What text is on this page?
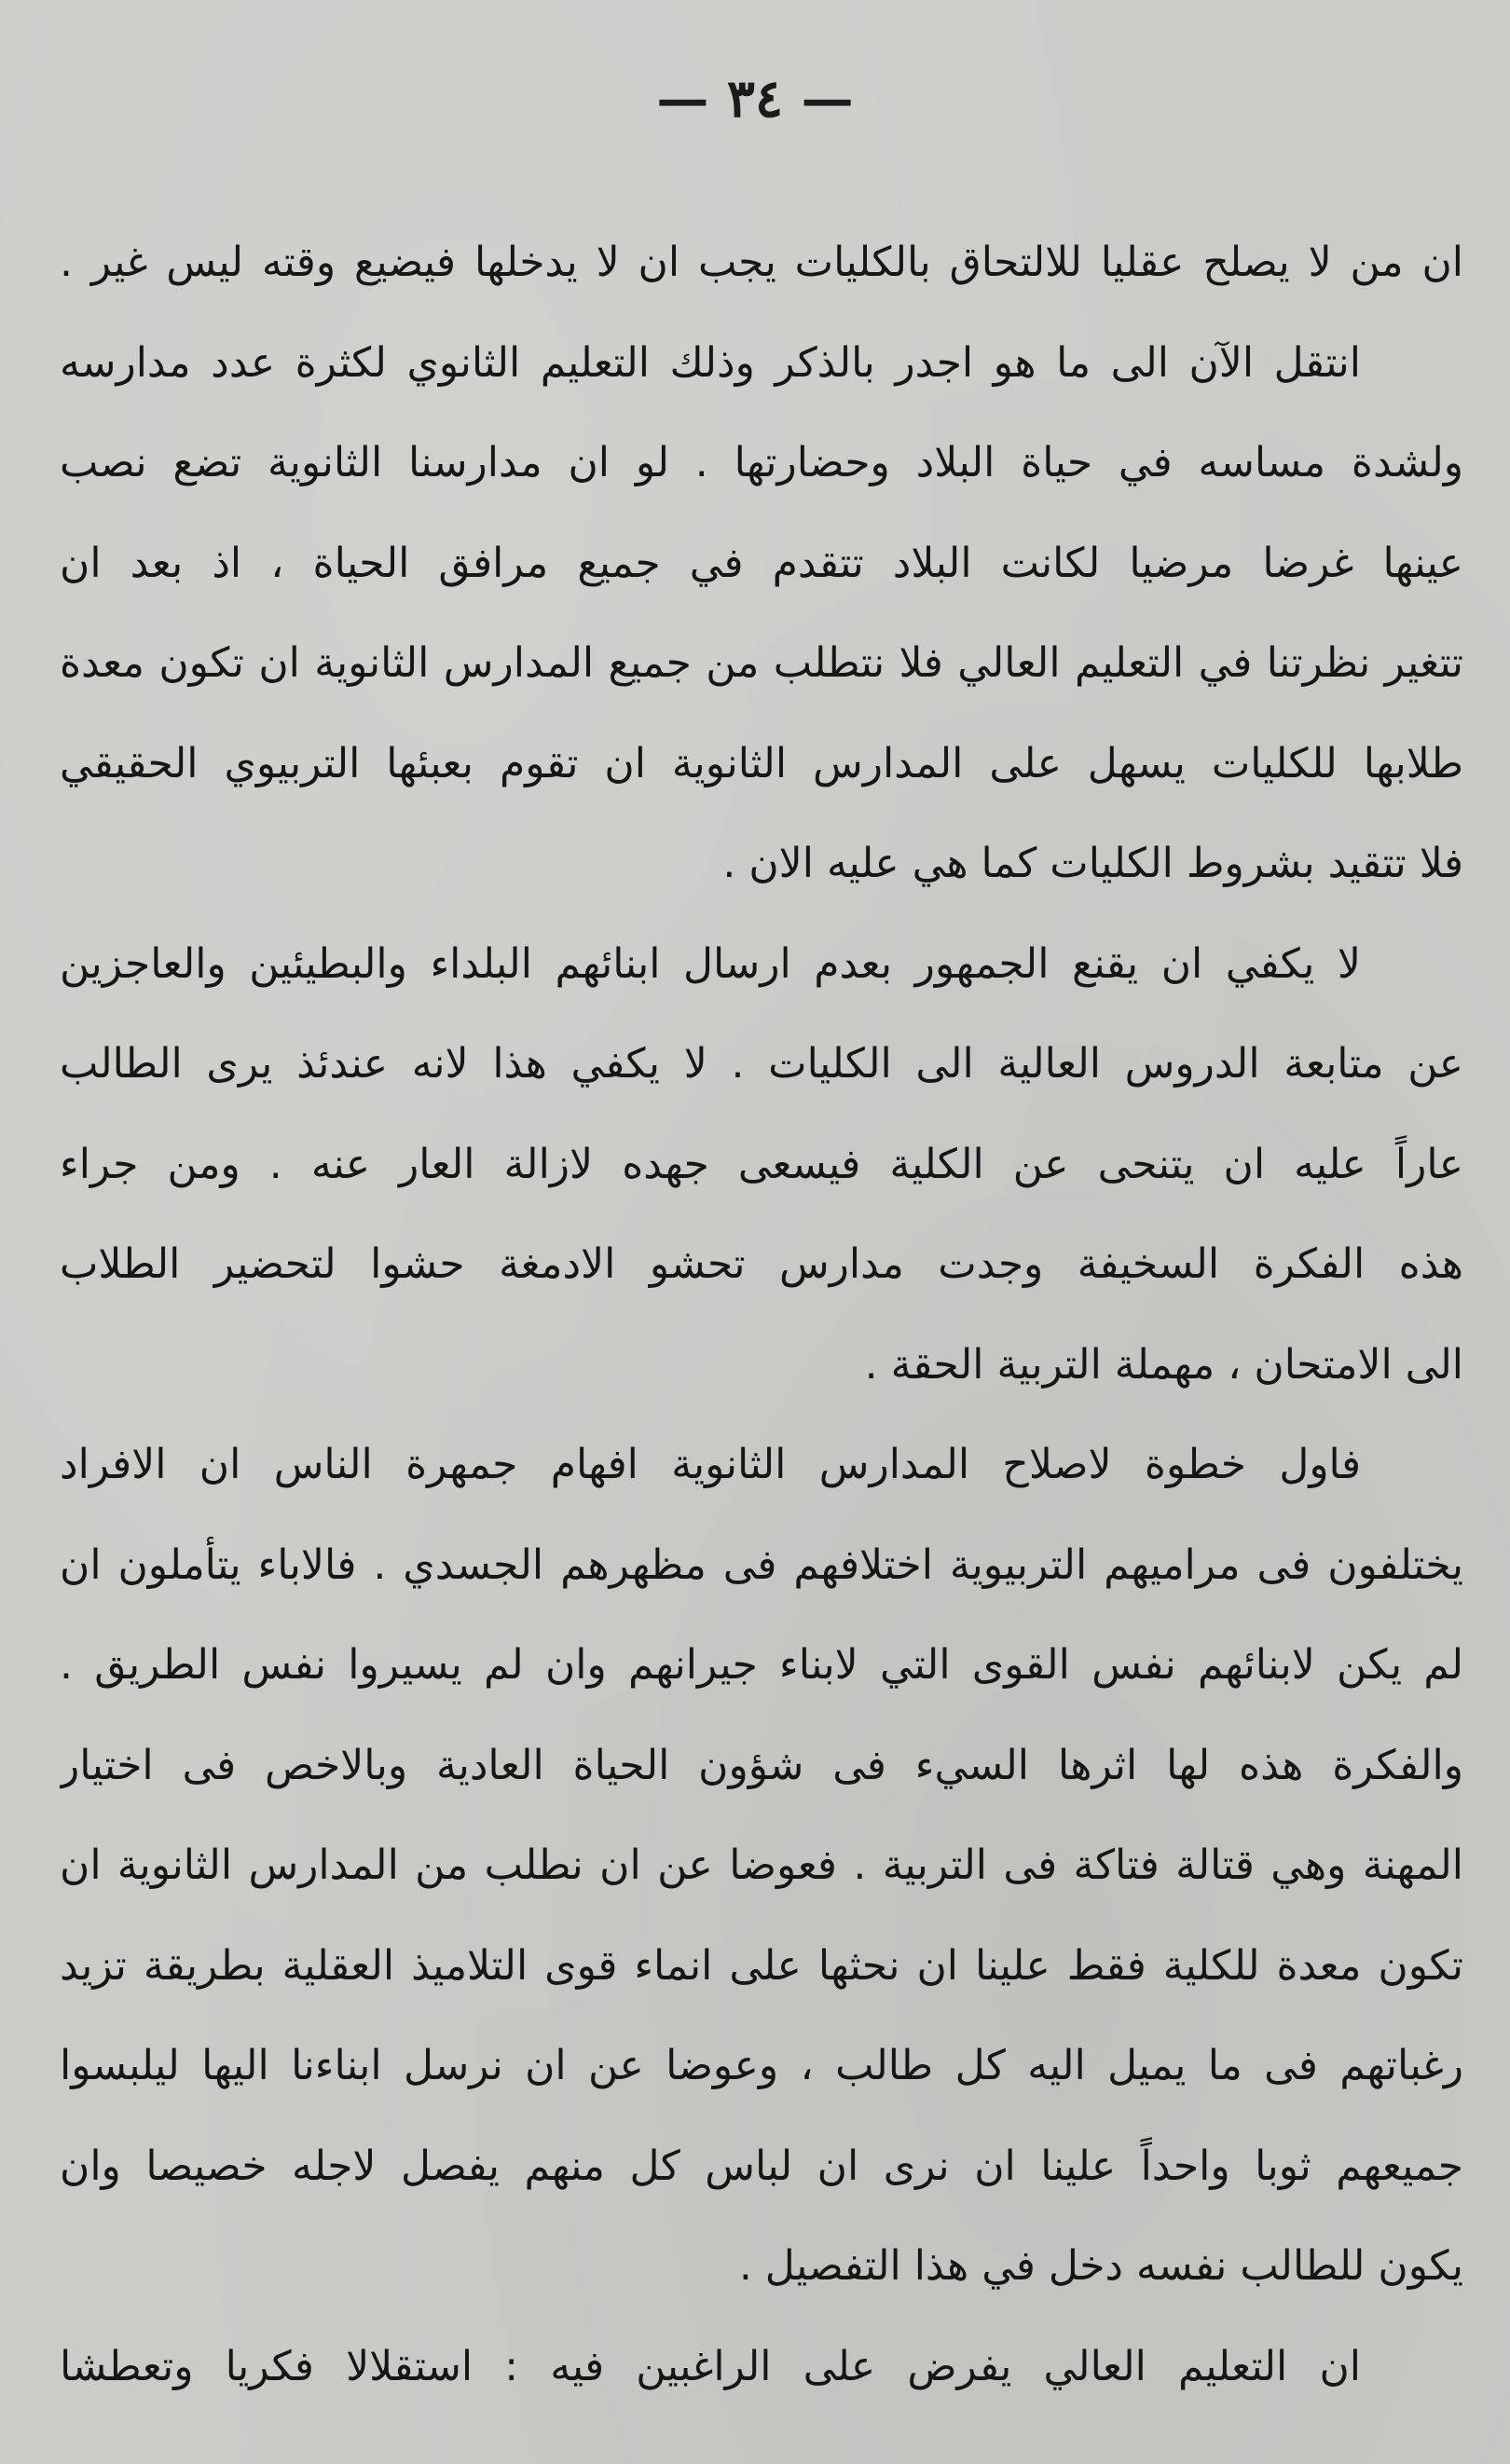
— ٣٤ —
ان من لا يصلح عقليا للالتحاق بالكليات يجب ان لا يدخلها فيضيع وقته ليس غير .
انتقل الآن الى ما هو اجدر بالذكر وذلك التعليم الثانوي لكثرة عدد مدارسه
ولشدة مساسه في حياة البلاد وحضارتها . لو ان مدارسنا الثانوية تضع نصب
عينها غرضا مرضيا لكانت البلاد تتقدم في جميع مرافق الحياة ، اذ بعد ان
تتغير نظرتنا في التعليم العالي فلا نتطلب من جميع المدارس الثانوية ان تكون معدة
طلابها للكليات يسهل على المدارس الثانوية ان تقوم بعبئها التربيوي الحقيقي
فلا تتقيد بشروط الكليات كما هي عليه الان .
لا يكفي ان يقنع الجمهور بعدم ارسال ابنائهم البلداء والبطيئين والعاجزين
عن متابعة الدروس العالية الى الكليات . لا يكفي هذا لانه عندئذ يرى الطالب
عاراً عليه ان يتنحى عن الكلية فيسعى جهده لازالة العار عنه . ومن جراء
هذه الفكرة السخيفة وجدت مدارس تحشو الادمغة حشوا لتحضير الطلاب
الى الامتحان ، مهملة التربية الحقة .
فاول خطوة لاصلاح المدارس الثانوية افهام جمهرة الناس ان الافراد
يختلفون فى مراميهم التربيوية اختلافهم فى مظهرهم الجسدي . فالاباء يتأملون ان
لم يكن لابنائهم نفس القوى التي لابناء جيرانهم وان لم يسيروا نفس الطريق .
والفكرة هذه لها اثرها السيء فى شؤون الحياة العادية وبالاخص فى اختيار
المهنة وهي قتالة فتاكة فى التربية . فعوضا عن ان نطلب من المدارس الثانوية ان
تكون معدة للكلية فقط علينا ان نحثها على انماء قوى التلاميذ العقلية بطريقة تزيد
رغباتهم فى ما يميل اليه كل طالب ، وعوضا عن ان نرسل ابناءنا اليها ليلبسوا
جميعهم ثوبا واحداً علينا ان نرى ان لباس كل منهم يفصل لاجله خصيصا وان
يكون للطالب نفسه دخل في هذا التفصيل .
ان التعليم العالي يفرض على الراغبين فيه : استقلالا فكريا وتعطشا
